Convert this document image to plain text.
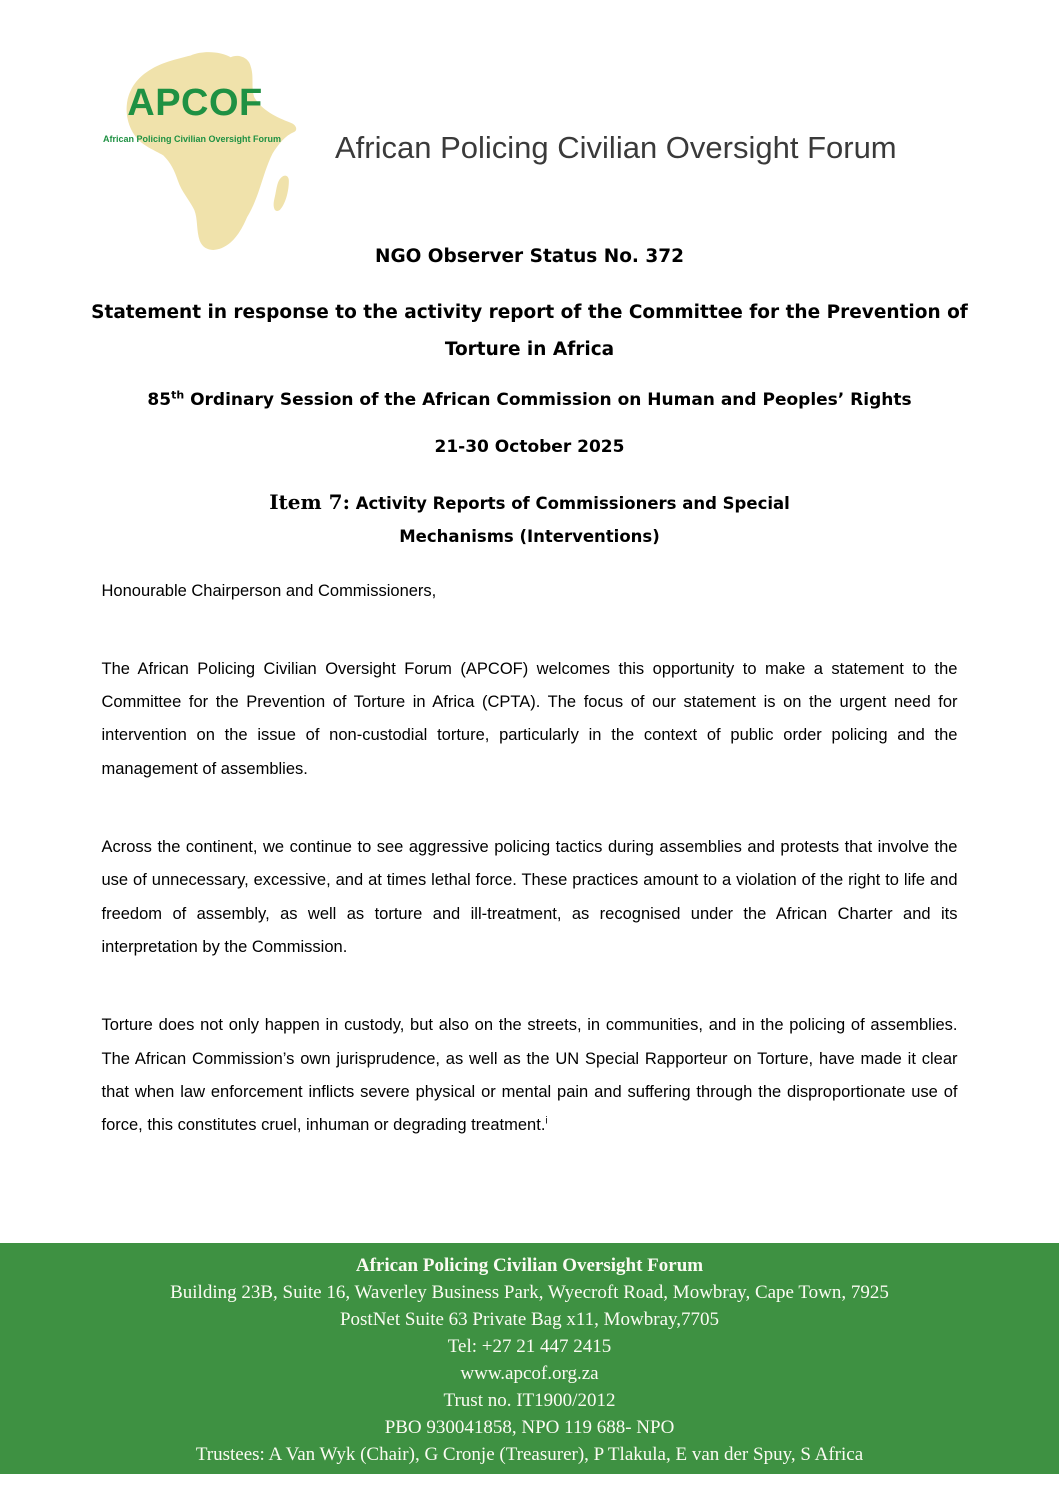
APCOF
African Policing Civilian Oversight Forum African Policing Civilian Oversight Forum
NGO Observer Status No. 372
Statement in response to the activity report of the Committee for the Prevention of Torture in Africa
85th Ordinary Session of the African Commission on Human and Peoples’ Rights
21-30 October 2025
Item 7: Activity Reports of Commissioners and Special Mechanisms (Interventions)
Honourable Chairperson and Commissioners,

The African Policing Civilian Oversight Forum (APCOF) welcomes this opportunity to make a statement to the Committee for the Prevention of Torture in Africa (CPTA). The focus of our statement is on the urgent need for intervention on the issue of non-custodial torture, particularly in the context of public order policing and the management of assemblies.

Across the continent, we continue to see aggressive policing tactics during assemblies and protests that involve the use of unnecessary, excessive, and at times lethal force. These practices amount to a violation of the right to life and freedom of assembly, as well as torture and ill-treatment, as recognised under the African Charter and its interpretation by the Commission.

Torture does not only happen in custody, but also on the streets, in communities, and in the policing of assemblies. The African Commission’s own jurisprudence, as well as the UN Special Rapporteur on Torture, have made it clear that when law enforcement inflicts severe physical or mental pain and suffering through the disproportionate use of force, this constitutes cruel, inhuman or degrading treatment.$^i$

African Policing Civilian Oversight Forum
Building 23B, Suite 16, Waverley Business Park, Wyecroft Road, Mowbray, Cape Town, 7925
PostNet Suite 63 Private Bag x11, Mowbray,7705
Tel: +27 21 447 2415
www.apcof.org.za
Trust no. IT1900/2012
PBO 930041858, NPO 119 688- NPO
Trustees: A Van Wyk (Chair), G Cronje (Treasurer), P Tlakula, E van der Spuy, S Africa
